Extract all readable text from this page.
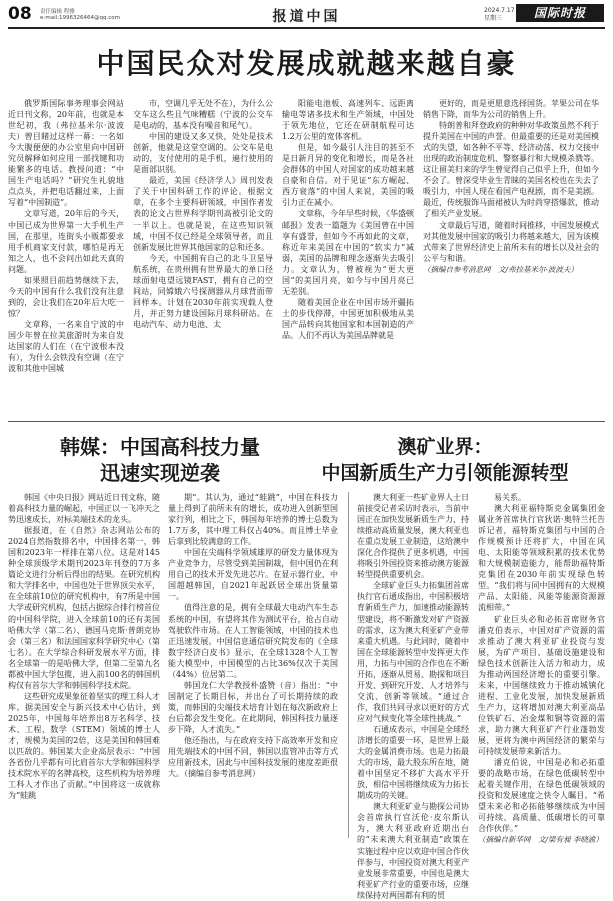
08 责任编辑 程雅
e-mail:1996326464@qq.com	报道中国	2024.7.17
星期三	国际时报
中国民众对发展成就越来越自豪

俄罗斯国际事务理事会网站近日刊文称，20年前，也就是本世纪初，我（弗拉基米尔·波波夫）曾目睹过这样一幕：一名如今大腹便便的办公室里向中国研究员解释如何应用一部找键和功能繁多的电话。教授问道：“中国生产电话吗？”研究生礼貌地点点头，并把电话翻过来，上面写着“中国制造”。

文章写道，20年后的今天，中国已成为世界第一大手机生产国，在那里，连街头小贩都要求用手机商家支付款，哪怕是再无知之人，也不会问出如此天真的问题。

如果照目前趋势继续下去，今天的中国有什么我们没有注意到的，会让我们在20年后大吃一惊？

文章称，一名来自宁波的中国少年曾在拉美旅游时为来自发达国家的人们在（在宁波根本没有），为什么会铁没有空调（在宁波和其他中国城

市，空调几乎无处不在），为什么公交车这么些且气味糟糕（宁波的公交车是电动的，基本没有噪音和尾气）。

中国的建设又多又快，处处是技术创新，他就是这堂空调的。公交车是电动的，支付使用的是手机，遍行使用的是面部识别。

最近，美国《经济学人》周刊发表了关于中国科研工作的评论。根据文章，在多个主要科研领域，中国作者发表的论文占世界科学期刊高被引论文的一半以上。也就是说，在这些知识领域，中国不仅已经是全球领导者，而且创新发展比世界其他国家的总和还多。

今天，中国拥有自己的北斗卫星导航系统，在贵州拥有世界最大的单口径球面射电望远镜FAST，拥有自己的空间站，同嫦娥六号探测器从月球背面带回样本。计划在2030年前实现载人登月，并正努力建设国际月球科研站。在电动汽车、动力电池、太

阳能电池板、高速列车、远距离输电等诸多技术和生产领域，中国处于领先地位，它还在研制航程可达1.2万公里的宽体客机。

但是，如今最引人注目的甚至不是日新月异的变化和增长，而是各社会群体的中国人对国家的成功越来越自豪和自信。对于见证“东方崛起、西方衰落”的中国人来说，美国的吸引力正在减小。

文章称，今年早些时候，《华盛顿邮报》发表一篇题为《美国曾在中国享有盛誉，但如今不再如此的文章，称近年来美国在中国的“软实力”减弱，美国的品牌和理念逐渐失去吸引力。文章认为，曾被视为“更大更国”的美国月亮，如今与中国月亮已无差别。

随着美国企业在中国市场开疆拓土的步伐停滞，中国更加积极地从美国产品转向其他国家和本国制造的产品。人们不再认为美国品牌就是

更好的，而是更愿意选择国货。苹果公司在华销售下降，而华为公司的销售上升。

特朗普和拜登政府的种种对华政策虽然不利于提升美国在中国的声誉。但最重要的还是对美国模式的失望，如各种不平等、经济动荡、权力交接中出现的政治制度危机、警察暴行和大规模杀戮等。这让留美归来的学生曾觉得自己似乎上升，但如今不会了。曾深受毕业生青睐的美国名校也在失去了吸引力，中国人现在看国产电视剧，而不是美剧。最近，传统服饰马面裙被认为时尚穿搭爆款，推动了相关产业发展。

文章最后写道，随着时间推移，中国发展模式对其他发展中国家的吸引力将越来越大，因为该模式带来了世界经济史上前所未有的增长以及社会的公平与和谐。

（摘编自参考消息网　文/弗拉基米尔·波波夫）

韩媒：中国高科技力量
迅速实现逆袭

韩国《中央日报》网站近日刊文称，随着高科技力量的崛起，中国正以一飞冲天之势迅速成长，对标美端技术的龙头。

据报道，在《自然》杂志网站公布的2024自然指数排名中，中国排名第一，韩国和2023年一样排在第八位。这是对145种全球顶级学术期刊2023年刊登的7万多篇论文进行分析后得出的结果。在研究机构和大学排名中，中国也处于世界顶尖水平，在全球前10位的研究机构中，有7所是中国大学或研究机构，包括占据综合排行榜首位的中国科学院，进入全球前10的还有美国哈佛大学（第二名）、德国马克斯·普朗克协会（第三名）和法国国家科学研究中心（第七名）。在大学综合科研发展水平方面，排名全球第一的是哈佛大学，但第二至第九名都被中国大学包揽，进入前100名的韩国机构仅有首尔大学和韩国科学技术院。

这些研究成果象征着坚实的理工科人才库。据美国安全与新兴技术中心估计，到2025年，中国每年培养出8万名科学、技术、工程、数学（STEM）领域的博士人才，规模为美国的2倍，这是美国和韩国难以匹敌的。韩国某大企业高层表示：“中国各省份几乎都有可比肩首尔大学和韩国科学技术院水平的名牌高校，这些机构为培养理工科人才作出了贡献。”中国将这一成就称为“蛙跳

期”。其认为，通过“蛙跳”，中国在科技力量上得到了前所未有的增长，成功进入创新型国家行列，相比之下，韩国每年培养的博士总数为1.7万多，其中理工科仅占40%。而且博士毕业后拿到比较满意的工作。

中国在尖端科学领域雄厚的研发力量体现为产业竞争力，尽管受到美国制裁，但中国仍在利用自己的技术开发先进芯片。在显示器行业，中国超越韩国，自2021年起跃居全球出货量第一。

值得注意的是，拥有全球最大电动汽车生态系统的中国，有望将其作为测试平台，抢占自动驾驶软件市场。在人工智能领域，中国的技术也正迅速发展。中国信息通信研究院发布的《全球数字经济白皮书》显示，在全球1328个人工智能大模型中，中国模型的占比36%仅次于美国（44%）位居第二。

韩国龙仁大学教授朴盛赞（音）指出：“中国制定了长期目标，并出台了可长期持续的政策，而韩国的尖端技术培育计划在每次新政府上台后都会发生变化。在此期间，韩国科技力量逐步下降，人才流失。”

他还指出，与在政府支持下高效率开发和应用先端技术的中国不同，韩国以监管冲击等方式应用新技术，因此与中国科技发展的速度差距很大。（摘编自参考消息网）

澳矿业界：
中国新质生产力引领能源转型

澳大利亚一些矿业界人士日前接受记者采访时表示，当前中国正在加快发展新质生产力，持续推动高质量发展，澳大利亚也在重点发展工业制造，这给澳中深化合作提供了更多机遇，中国将吸引外国投资来推动澳方能源转型提供重要机会。

全球矿业巨头力拓集团首席执行官石通成指出，中国积极培育新质生产力，加速推动能源转型建设，将不断激发对矿产资源的需求，这为澳大利亚矿产业带来重大机遇。与此同时，随着中国在全球能源转型中发挥更大作用，力拓与中国的合作也在不断开拓，逐渐从贸易、勘探和项目开发、到研究开发、人才培养与交流、创新等领域。“通过合作，我们共同寻求以更好的方式应对气候变化等全球性挑战。”

石通成表示，中国是全球经济增长的重要一环，是世界上最大的金属消费市场。也是力拓最大的市场，最大股东所在地，随着中国坚定不移扩大高水平开放，相信中国将继续成为力拓长期成功的关键。

澳大利亚矿业与勘探公司协会首席执行官沃伦·皮尔斯认为，澳大利亚政府近期出台的“未来澳大利亚制造”政策在实施过程中应以欢迎中国合作伙伴参与，中国投资对澳大利亚产业发展非常重要，中国也是澳大利亚矿产行业的重要市场，应继续保持对两国都有利的贸

易关系。

澳大利亚福特斯克金属集团金属业务首席执行官狄诺·奥特兰托告诉记者，福特斯克集团与中国的合作规模预计还将扩大，中国在风电、太阳能等领域积累的技术优势和大规模制造能力，能帮助福特斯克集团在2030年前实现绿色转型。“我们将与同中国拥有的大规模产品、太阳能、风能等能源资源源流相带。”

矿业巨头必和必拓首席财务官潘克伯表示，中国对矿产资源的需求推动了澳大利亚矿业投资与发展，为矿产项目、基础设施建设和绿色技术创新注入活力和动力，成为推动两国经济增长的重要引擎。未来，中国继续致力于推动城镇化进程、工业化发展，加快发展新质生产力，这将增加对澳大利亚高品位铁矿石、冶金煤和铜等资源的需求，助力澳大利亚矿产行业蓬勃发展，更将为澳中两国经济的繁荣与可持续发展带来新活力。

潘克伯说，中国是必和必拓重要的战略市场，在绿色低碳转型中起着关键作用，在绿色低碳领域的投资和发展速度之快令人瞩目。“希望未来必和必拓能够继续成为中国可持续、高质量、低碳增长的可靠合作伙伴。”

（摘编自新华网　文/梁有昶 李晓渝）
